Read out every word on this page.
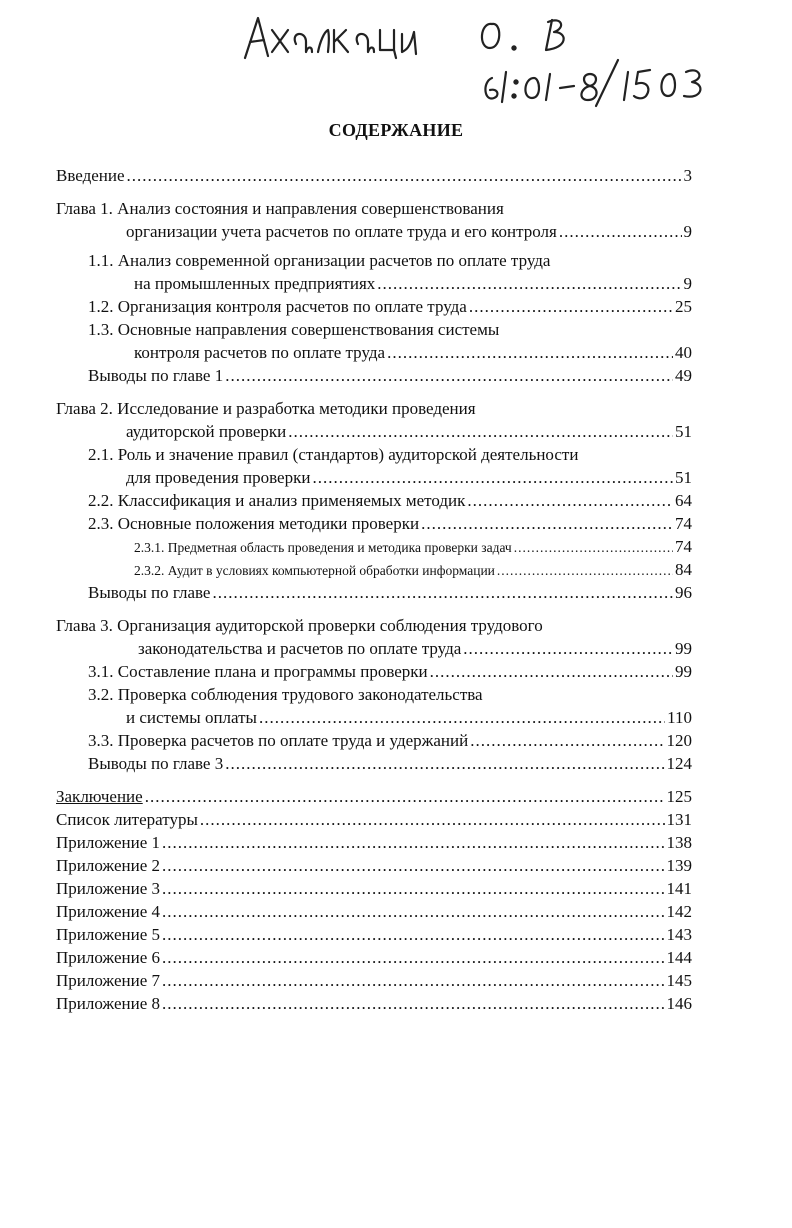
СОДЕРЖАНИЕ
Введение .....	3
Глава 1. Анализ состояния и направления совершенствования
организации учета расчетов по оплате труда и его контроля .....	9
1.1. Анализ современной организации расчетов по оплате труда
на промышленных предприятиях .....	9
1.2. Организация контроля расчетов по оплате труда .....	25
1.3. Основные направления совершенствования системы
контроля расчетов по оплате труда .....	40
Выводы по главе 1 .....	49
Глава 2. Исследование и разработка методики проведения
аудиторской проверки .....	51
2.1. Роль и значение правил (стандартов) аудиторской деятельности
для проведения проверки .....	51
2.2. Классификация и анализ применяемых методик .....	64
2.3. Основные положения методики проверки .....	74
2.3.1. Предметная область проведения и методика проверки задач .....	74
2.3.2. Аудит в условиях компьютерной обработки информации .....	84
Выводы по главе .....	96
Глава 3. Организация аудиторской проверки соблюдения трудового
законодательства и расчетов по оплате труда .....	99
3.1. Составление плана и программы проверки .....	99
3.2. Проверка соблюдения трудового законодательства
и системы оплаты .....	110
3.3. Проверка расчетов по оплате труда и удержаний .....	120
Выводы по главе 3 .....	124
Заключение .....	125
Список литературы .....	131
Приложение 1 .....	138
Приложение 2 .....	139
Приложение 3 .....	141
Приложение 4 .....	142
Приложение 5 .....	143
Приложение 6 .....	144
Приложение 7 .....	145
Приложение 8 .....	146
